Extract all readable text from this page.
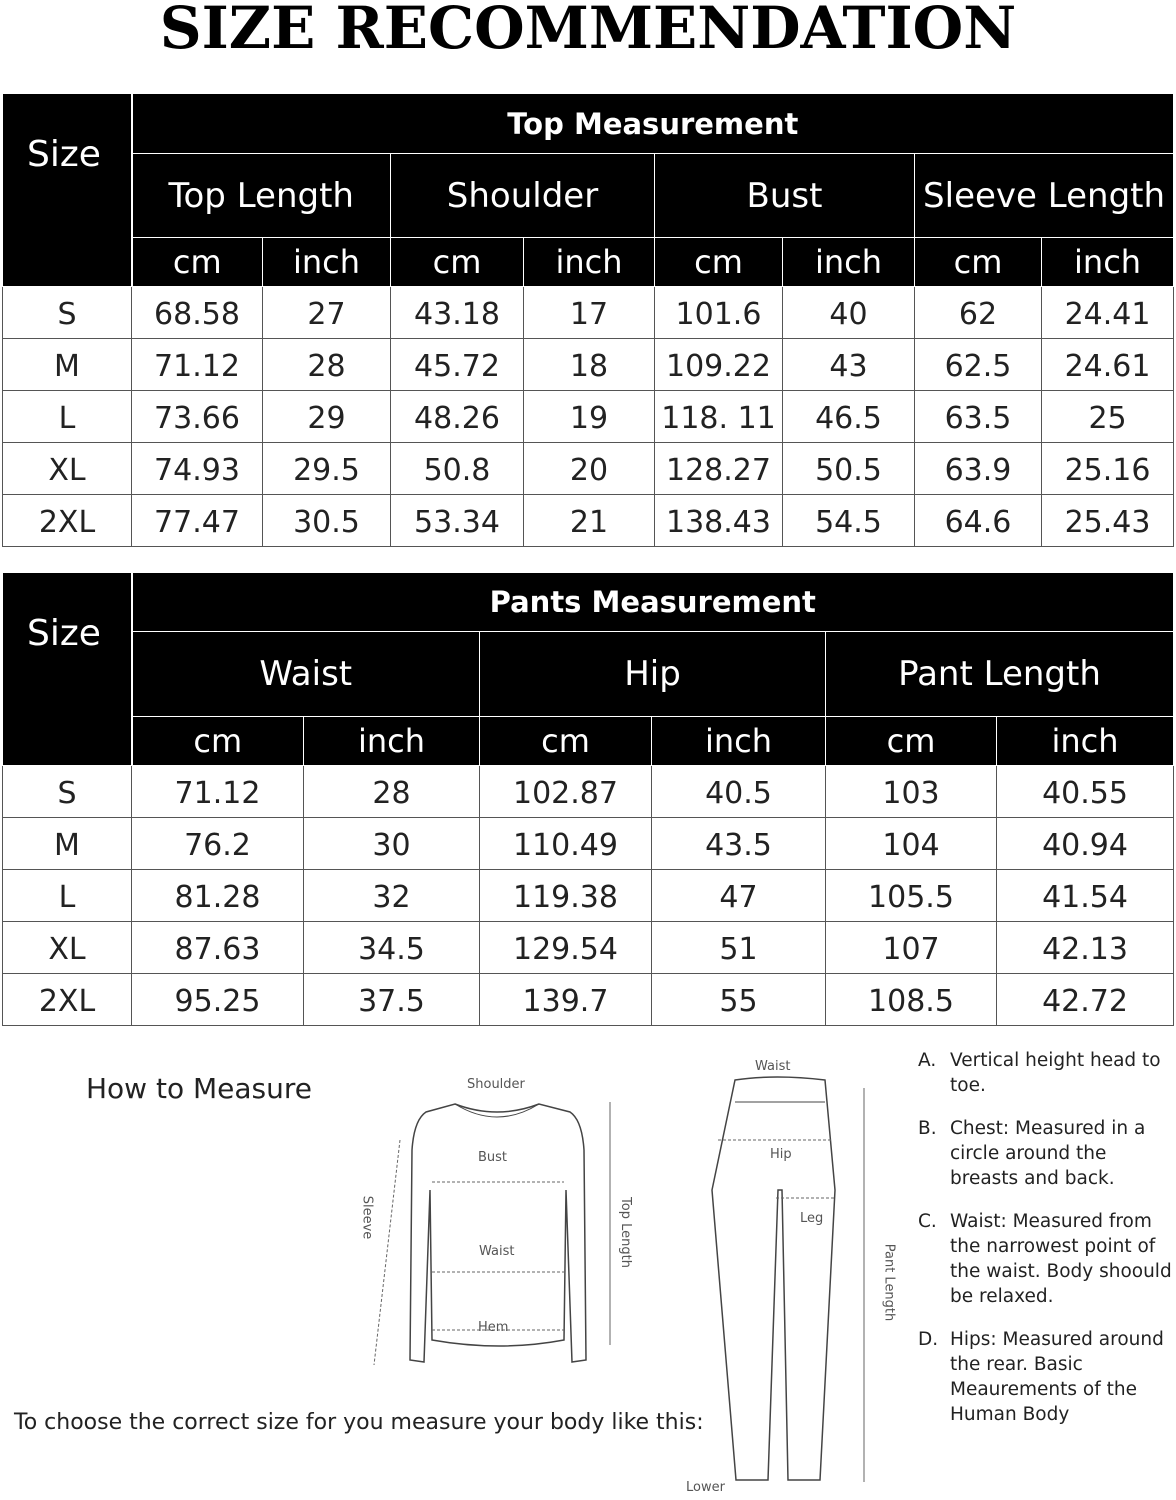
SIZE RECOMMENDATION
Size	Top Measurement							
	Top Length		Shoulder		Bust		Sleeve Length	
	cm	inch	cm	inch	cm	inch	cm	inch
S	68.58	27	43.18	17	101.6	40	62	24.41
M	71.12	28	45.72	18	109.22	43	62.5	24.61
L	73.66	29	48.26	19	118. 11	46.5	63.5	25
XL	74.93	29.5	50.8	20	128.27	50.5	63.9	25.16
2XL	77.47	30.5	53.34	21	138.43	54.5	64.6	25.43
Size	Pants Measurement					
	Waist		Hip		Pant Length	
	cm	inch	cm	inch	cm	inch
S	71.12	28	102.87	40.5	103	40.55
M	76.2	30	110.49	43.5	104	40.94
L	81.28	32	119.38	47	105.5	41.54
XL	87.63	34.5	129.54	51	107	42.13
2XL	95.25	37.5	139.7	55	108.5	42.72
How to Measure
To choose the correct size for you measure your body like this:
Shoulder
Bust
Waist
Hem
Sleeve	Top Length
Waist
Hip
Leg
Pant Length
Lower
A. Vertical height head to toe.
B. Chest: Measured in a circle around the breasts and back.
C. Waist: Measured from the narrowest point of the waist. Body shoould be relaxed.
D. Hips: Measured around the rear. Basic Meaurements of the Human Body
